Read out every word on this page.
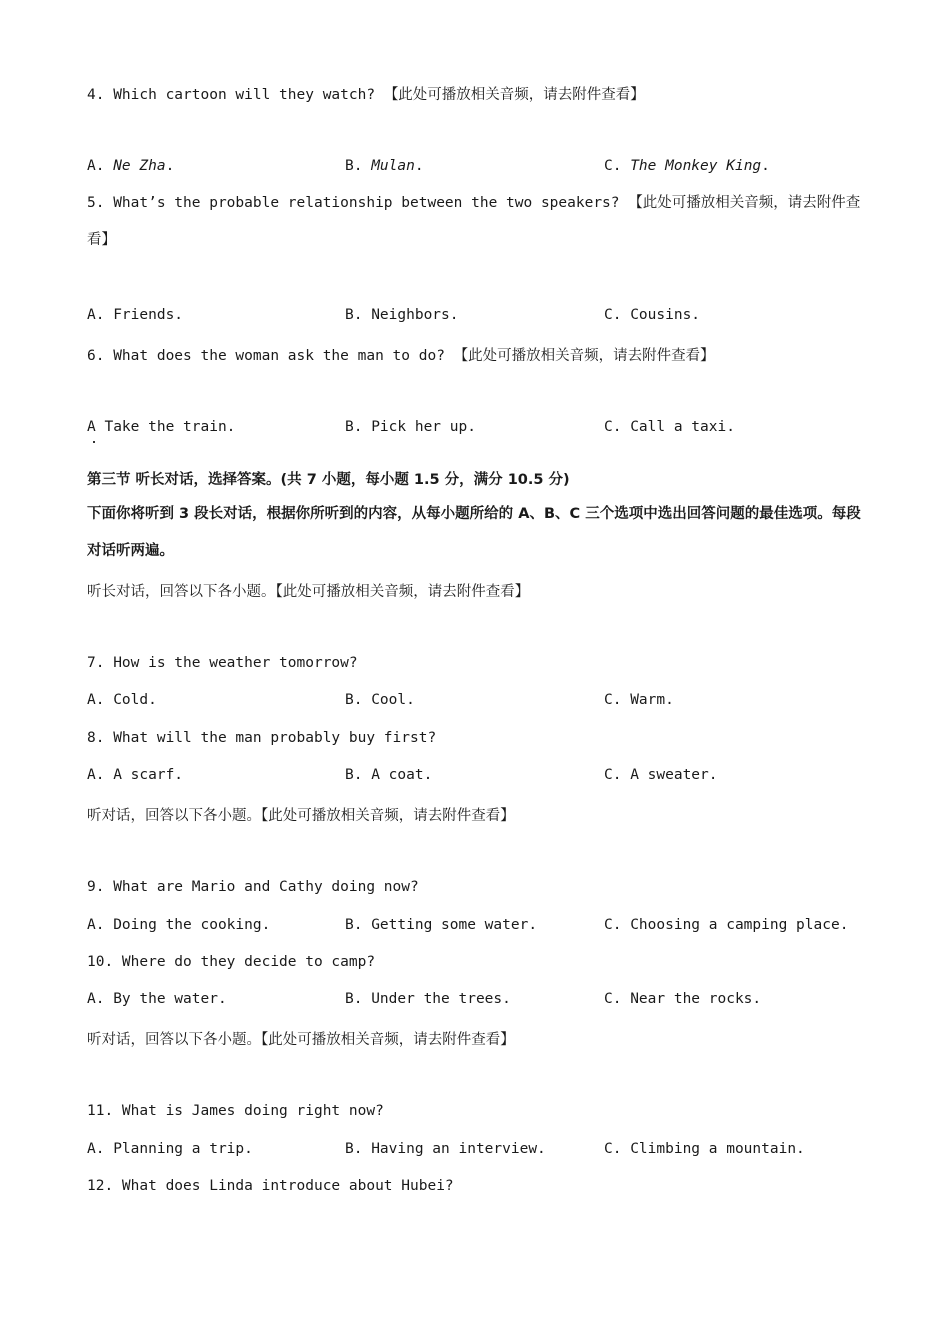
4. Which cartoon will they watch? 【此处可播放相关音频，请去附件查看】
A. Ne Zha.	B. Mulan.	C. The Monkey King.
5. What’s the probable relationship between the two speakers? 【此处可播放相关音频，请去附件查看】
A. Friends.	B. Neighbors.	C. Cousins.
6. What does the woman ask the man to do? 【此处可播放相关音频，请去附件查看】
A Take the train.	B. Pick her up.	C. Call a taxi.
第三节 听长对话，选择答案。(共 7 小题，每小题 1.5 分，满分 10.5 分)
下面你将听到 3 段长对话，根据你所听到的内容，从每小题所给的 A、B、C 三个选项中选出回答问题的最佳选项。每段对话听两遍。
听长对话，回答以下各小题。【此处可播放相关音频，请去附件查看】
7. How is the weather tomorrow?
A. Cold.	B. Cool.	C. Warm.
8. What will the man probably buy first?
A. A scarf.	B. A coat.	C. A sweater.
听对话，回答以下各小题。【此处可播放相关音频，请去附件查看】
9. What are Mario and Cathy doing now?
A. Doing the cooking.	B. Getting some water.	C. Choosing a camping place.
10. Where do they decide to camp?
A. By the water.	B. Under the trees.	C. Near the rocks.
听对话，回答以下各小题。【此处可播放相关音频，请去附件查看】
11. What is James doing right now?
A. Planning a trip.	B. Having an interview.	C. Climbing a mountain.
12. What does Linda introduce about Hubei?
